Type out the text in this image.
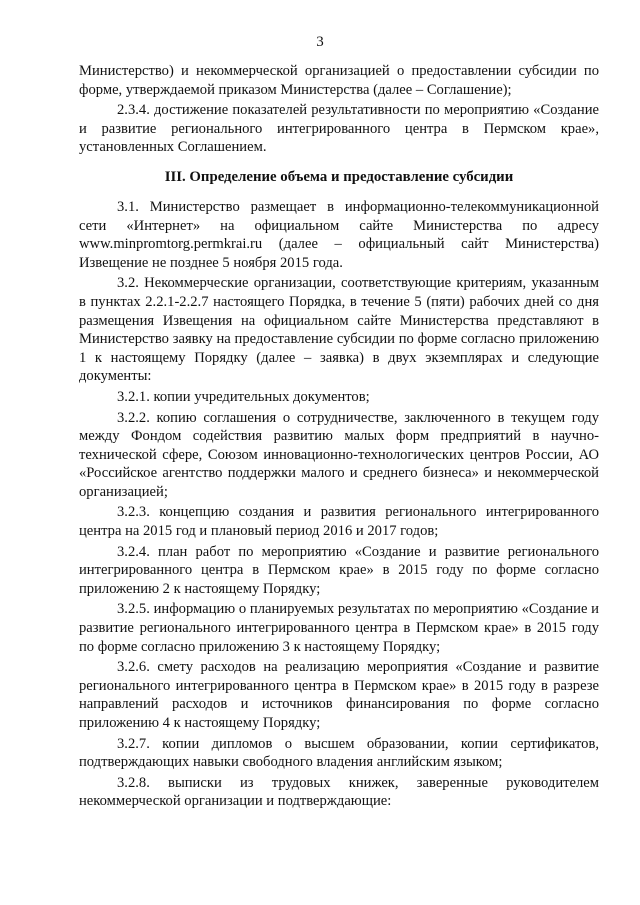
3

Министерство) и некоммерческой организацией о предоставлении субсидии по форме, утверждаемой приказом Министерства (далее – Соглашение);

2.3.4. достижение показателей результативности по мероприятию «Создание и развитие регионального интегрированного центра в Пермском крае», установленных Соглашением.

III. Определение объема и предоставление субсидии

3.1. Министерство размещает в информационно-телекоммуникационной сети «Интернет» на официальном сайте Министерства по адресу www.minpromtorg.permkrai.ru (далее – официальный сайт Министерства) Извещение не позднее 5 ноября 2015 года.

3.2. Некоммерческие организации, соответствующие критериям, указанным в пунктах 2.2.1-2.2.7 настоящего Порядка, в течение 5 (пяти) рабочих дней со дня размещения Извещения на официальном сайте Министерства представляют в Министерство заявку на предоставление субсидии по форме согласно приложению 1 к настоящему Порядку (далее – заявка) в двух экземплярах и следующие документы:

3.2.1. копии учредительных документов;

3.2.2. копию соглашения о сотрудничестве, заключенного в текущем году между Фондом содействия развитию малых форм предприятий в научно-технической сфере, Союзом инновационно-технологических центров России, АО «Российское агентство поддержки малого и среднего бизнеса» и некоммерческой организацией;

3.2.3. концепцию создания и развития регионального интегрированного центра на 2015 год и плановый период 2016 и 2017 годов;

3.2.4. план работ по мероприятию «Создание и развитие регионального интегрированного центра в Пермском крае» в 2015 году по форме согласно приложению 2 к настоящему Порядку;

3.2.5. информацию о планируемых результатах по мероприятию «Создание и развитие регионального интегрированного центра в Пермском крае» в 2015 году по форме согласно приложению 3 к настоящему Порядку;

3.2.6. смету расходов на реализацию мероприятия «Создание и развитие регионального интегрированного центра в Пермском крае» в 2015 году в разрезе направлений расходов и источников финансирования по форме согласно приложению 4 к настоящему Порядку;

3.2.7. копии дипломов о высшем образовании, копии сертификатов, подтверждающих навыки свободного владения английским языком;

3.2.8. выписки из трудовых книжек, заверенные руководителем некоммерческой организации и подтверждающие:
